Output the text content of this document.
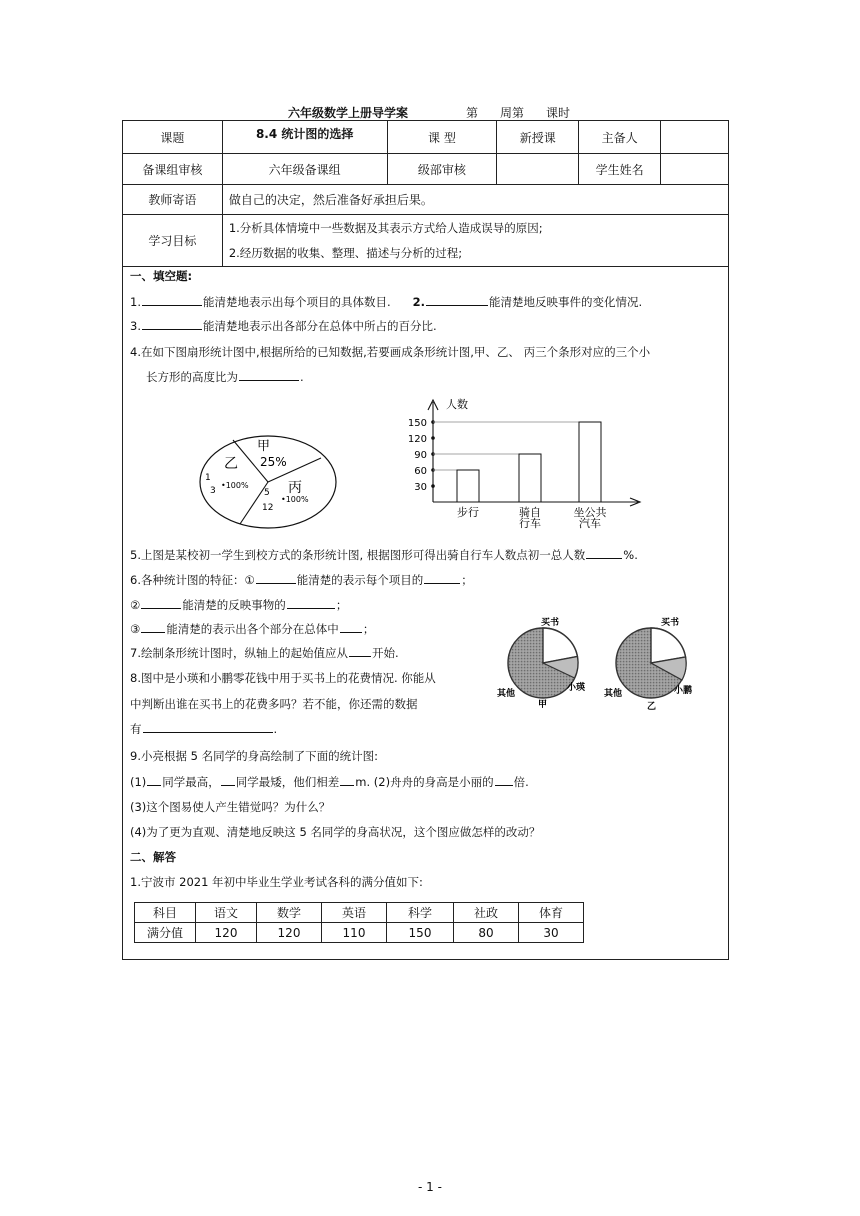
六年级数学上册导学案	第 周第 课时
课题	8.4 统计图的选择	课 型	新授课	主备人	
备课组审核	六年级备课组	级部审核		学生姓名	
教师寄语	做自己的决定，然后准备好承担后果。				
学习目标	1.分析具体情境中一些数据及其表示方式给人造成误导的原因;
2.经历数据的收集、整理、描述与分析的过程;				
一、填空题:
1.	能清楚地表示出每个项目的具体数目. 2.	能清楚地反映事件的变化情况.
3.	能清楚地表示出各部分在总体中所占的百分比.
4.在如下图扇形统计图中,根据所给的已知数据,若要画成条形统计图,甲、乙、 丙三个条形对应的三个小
长方形的高度比为	.
甲
25%
乙
1
3
•100%	丙
5
12
•100%
人数
30
60
90
120
150
步行	骑自行车
坐公共汽车
5.上图是某校初一学生到校方式的条形统计图, 根据图形可得出骑自行车人数点初一总人数	%.
6.各种统计图的特征：①	能清楚的表示每个项目的	；
②	能清楚的反映事物的	；
③ 能清楚的表示出各个部分在总体中 ；
7.绘制条形统计图时，纵轴上的起始值应从 开始.
8.图中是小瑛和小鹏零花钱中用于买书上的花费情况. 你能从
中判断出谁在买书上的花费多吗？若不能，你还需的数据
有	.
买书
其他
小瑛
甲
买书
其他	小鹏
乙
9.小亮根据 5 名同学的身高绘制了下面的统计图:
(1) 同学最高， 同学最矮，他们相差 m. (2)舟舟的身高是小丽的 倍.
(3)这个图易使人产生错觉吗？为什么？
(4)为了更为直观、清楚地反映这 5 名同学的身高状况，这个图应做怎样的改动？
二、解答
1.宁波市 2021 年初中毕业生学业考试各科的满分值如下:
科目	语文	数学	英语	科学	社政	体育
满分值	120	120	110	150	80	30
- 1 -
